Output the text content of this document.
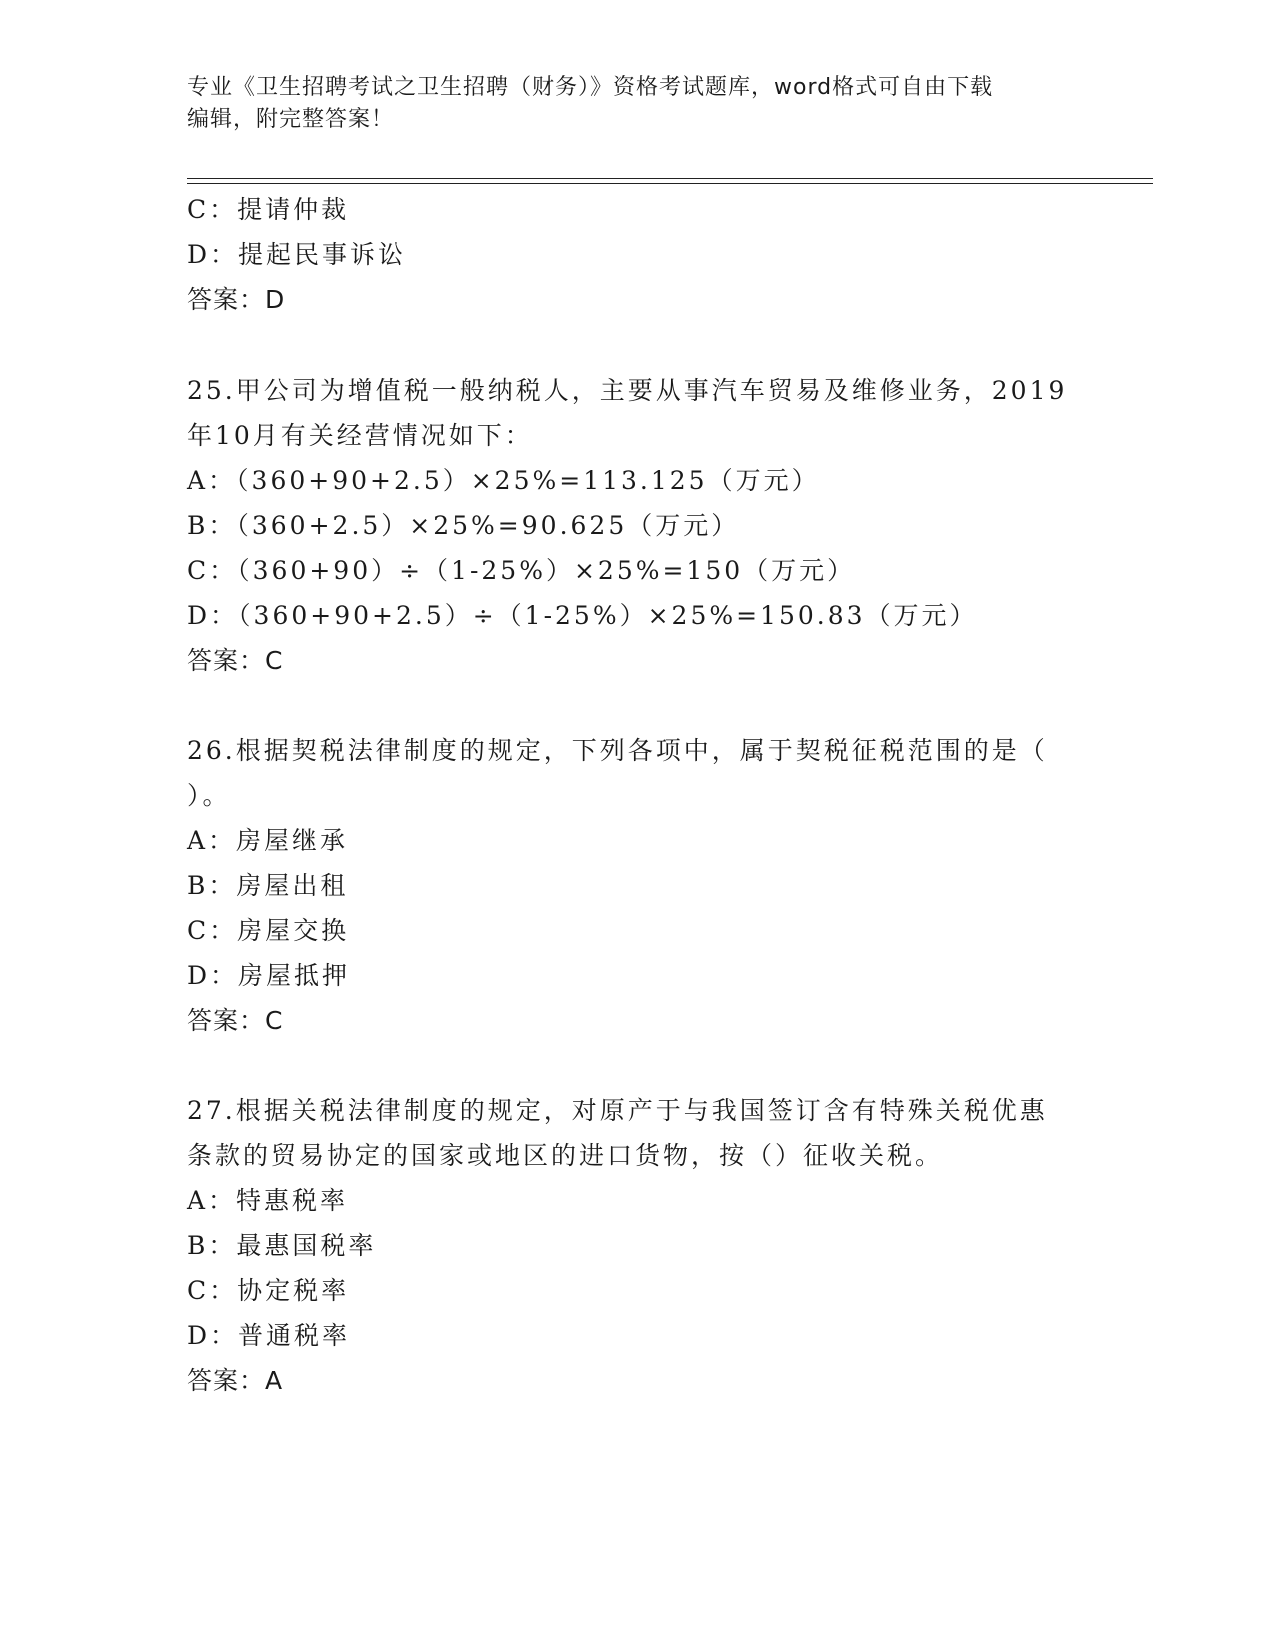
专业《卫生招聘考试之卫生招聘（财务）》资格考试题库，word格式可自由下载
编辑，附完整答案！
C：提请仲裁
D：提起民事诉讼
答案：D
25.甲公司为增值税一般纳税人，主要从事汽车贸易及维修业务，2019
年10月有关经营情况如下：
A：（360+90+2.5）×25%=113.125（万元）
B：（360+2.5）×25%=90.625（万元）
C：（360+90）÷（1-25%）×25%=150（万元）
D：（360+90+2.5）÷（1-25%）×25%=150.83（万元）
答案：C
26.根据契税法律制度的规定，下列各项中，属于契税征税范围的是（
）。
A：房屋继承
B：房屋出租
C：房屋交换
D：房屋抵押
答案：C
27.根据关税法律制度的规定，对原产于与我国签订含有特殊关税优惠
条款的贸易协定的国家或地区的进口货物，按（）征收关税。
A：特惠税率
B：最惠国税率
C：协定税率
D：普通税率
答案：A
